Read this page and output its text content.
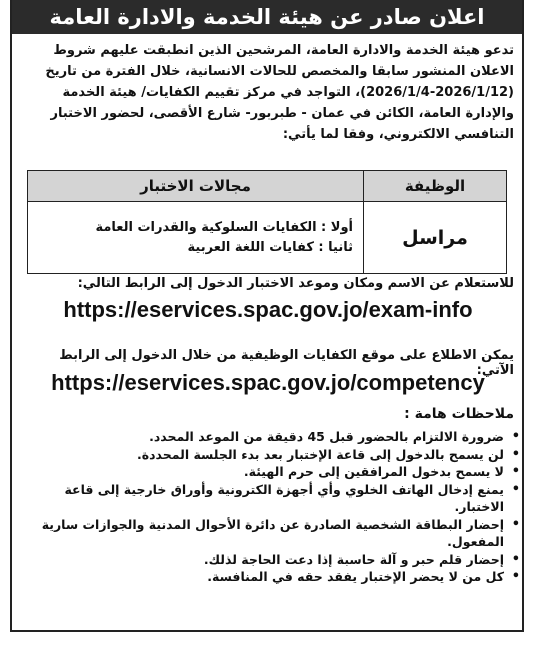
اعلان صادر عن هيئة الخدمة والادارة العامة
تدعو هيئة الخدمة والادارة العامة، المرشحين الذين انطبقت عليهم شروط
الاعلان المنشور سابقا والمخصص للحالات الانسانية، خلال الفترة من تاريخ
(2026/1/4-2026/1/12)، التواجد في مركز تقييم الكفايات/ هيئة الخدمة
والإدارة العامة، الكائن في عمان - طبربور- شارع الأقصى، لحضور الاختبار
التنافسي الالكتروني، وفقا لما يأتي:
الوظيفة	مجالات الاختبار
مراسل	أولا : الكفايات السلوكية والقدرات العامة
ثانيا : كفايات اللغة العربية
للاستعلام عن الاسم ومكان وموعد الاختبار الدخول إلى الرابط التالي:
https://eservices.spac.gov.jo/exam-info
يمكن الاطلاع على موقع الكفايات الوظيفية من خلال الدخول إلى الرابط الآتي:
https://eservices.spac.gov.jo/competency
ملاحظات هامة :
•
ضرورة الالتزام بالحضور قبل 45 دقيقة من الموعد المحدد.
•
لن يسمح بالدخول إلى قاعة الإختبار بعد بدء الجلسة المحددة.
•
لا يسمح بدخول المرافقين إلى حرم الهيئة.
•
يمنع إدخال الهاتف الخلوي وأي أجهزة الكترونية وأوراق خارجية إلى قاعة الاختبار.
•
إحضار البطاقة الشخصية الصادرة عن دائرة الأحوال المدنية والجوازات سارية المفعول.
•
إحضار قلم حبر و آلة حاسبة إذا دعت الحاجة لذلك.
•
كل من لا يحضر الإختبار يفقد حقه في المنافسة.
